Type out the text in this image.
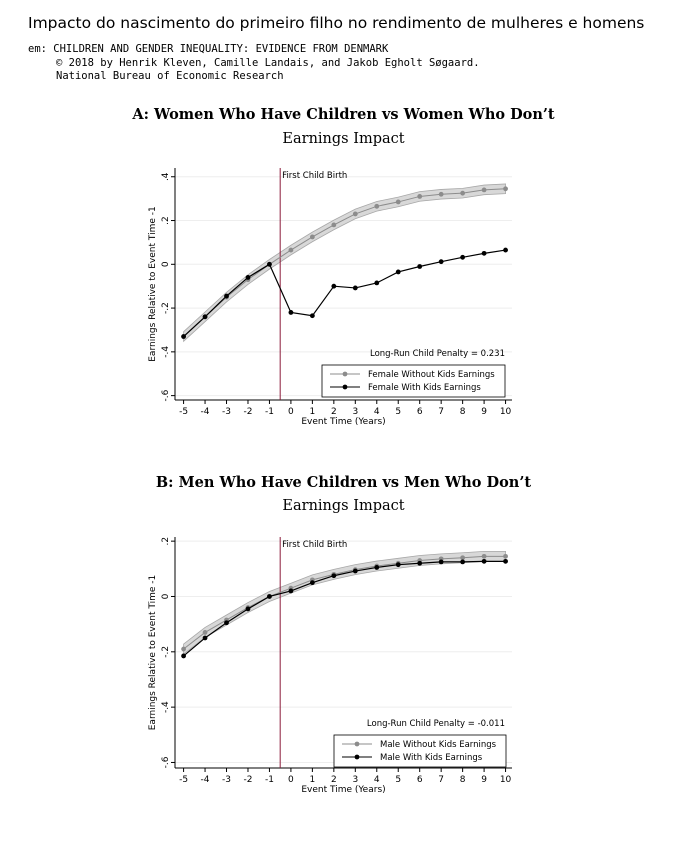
Impacto do nascimento do primeiro filho no rendimento de mulheres e homens
em: CHILDREN AND GENDER INEQUALITY: EVIDENCE FROM DENMARK
© 2018 by Henrik Kleven, Camille Landais, and Jakob Egholt Søgaard.
National Bureau of Economic Research
A: Women Who Have Children vs Women Who Don’t
Earnings Impact
.4
.2
0
-.2
-.4
-.6
-5 -4 -3 -2 -1 0 1 2 3 4 5 6 7 8 9 10
Event Time (Years)
Earnings Relative to Event Time -1
First Child Birth
Long-Run Child Penalty = 0.231
Female Without Kids Earnings
Female With Kids Earnings
B: Men Who Have Children vs Men Who Don’t
Earnings Impact
.2
0
-.2
-.4
-.6
-5 -4 -3 -2 -1 0 1 2 3 4 5 6 7 8 9 10
Event Time (Years)
Earnings Relative to Event Time -1
First Child Birth
Long-Run Child Penalty = -0.011
Male Without Kids Earnings
Male With Kids Earnings
